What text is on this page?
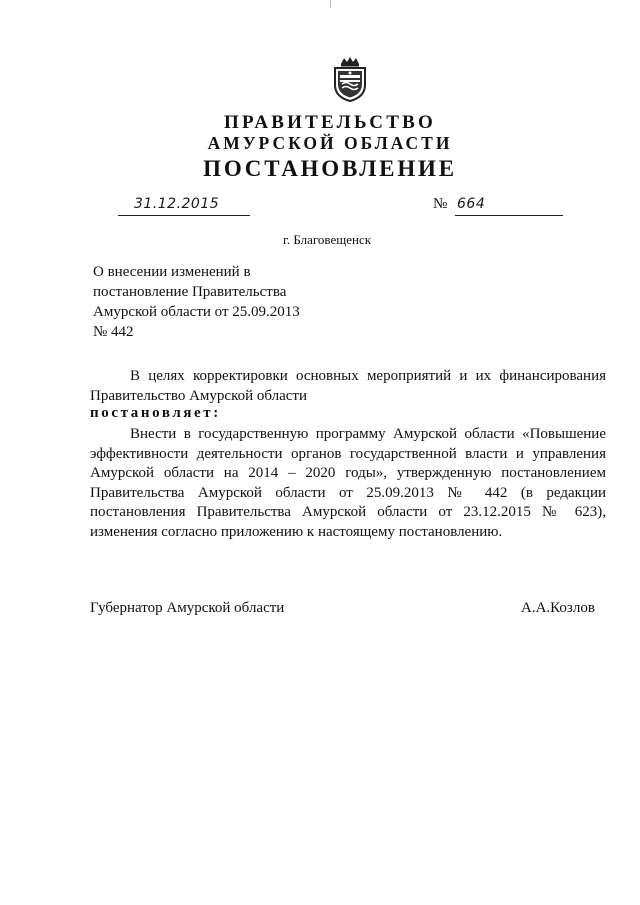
ПРАВИТЕЛЬСТВО
АМУРСКОЙ ОБЛАСТИ
ПОСТАНОВЛЕНИЕ
31.12.2015	№ 664
г. Благовещенск
О внесении изменений в
постановление Правительства
Амурской области от 25.09.2013
№ 442
В целях корректировки основных мероприятий и их финансирования Правительство Амурской области
постановляет:
Внести в государственную программу Амурской области «Повышение эффективности деятельности органов государственной власти и управления Амурской области на 2014 – 2020 годы», утвержденную постановлением Правительства Амурской области от 25.09.2013 № 442 (в редакции постановления Правительства Амурской области от 23.12.2015 № 623), изменения согласно приложению к настоящему постановлению.
Губернатор Амурской области	А.А.Козлов
